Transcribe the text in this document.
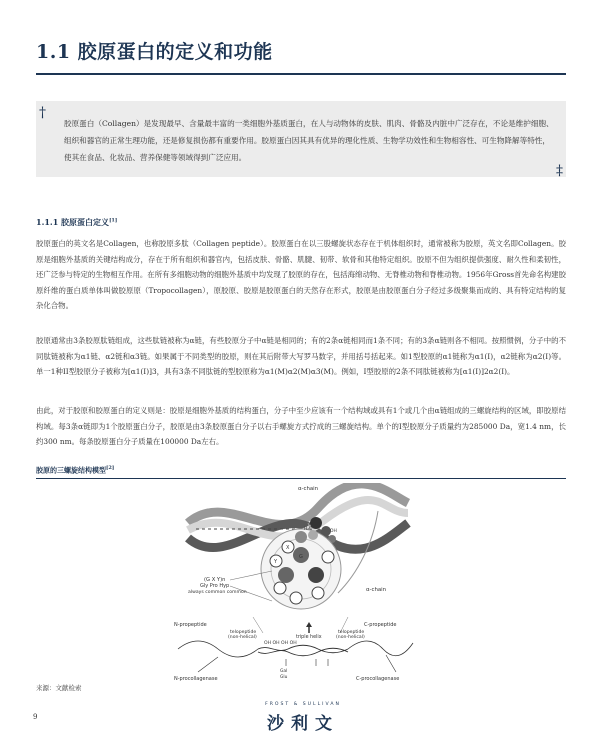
1.1 胶原蛋白的定义和功能
†

胶原蛋白（Collagen）是发现最早、含量最丰富的一类细胞外基质蛋白，在人与动物体的皮肤、肌肉、骨骼及内脏中广泛存在，不论是维护细胞、组织和器官的正常生理功能，还是修复损伤都有重要作用。胶原蛋白因其具有优异的理化性质、生物学功效性和生物相容性、可生物降解等特性，使其在食品、化妆品、营养保健等领域得到广泛应用。

‡
1.1.1 胶原蛋白定义[1]

胶原蛋白的英文名是Collagen，也称胶原多肽（Collagen peptide）。胶原蛋白在以三股螺旋状态存在于机体组织时，通常被称为胶原，英文名即Collagen。胶原是细胞外基质的关键结构成分，存在于所有组织和器官内，包括皮肤、骨骼、肌腱、韧带、软骨和其他特定组织。胶原不但为组织提供强度、耐久性和柔韧性，还广泛参与特定的生物相互作用。在所有多细胞动物的细胞外基质中均发现了胶原的存在，包括海绵动物、无脊椎动物和脊椎动物。1956年Gross首先命名构建胶原纤维的蛋白质单体叫做胶原原（Tropocollagen），原胶原、胶原是胶原蛋白的天然存在形式，胶原是由胶原蛋白分子经过多级聚集而成的、具有特定结构的复杂化合物。

胶原通常由3条胶原肽链组成，这些肽链被称为α链，有些胶原分子中α链是相同的；有的2条α链相同而1条不同；有的3条α链则各不相同。按照惯例，分子中的不同肽链被称为α1链、α2链和α3链。如果属于不同类型的胶原，则在其后附带大写罗马数字，并用括号括起来。如1型胶原的α1链称为α1(I)，α2链称为α2(I)等。单一1种II型胶原分子被称为[α1(Ⅰ)]3，具有3条不同肽链的型胶原称为α1(M)α2(M)α3(M)。例如，I型胶原的2条不同肽链被称为[α1(I)]2α2(I)。

由此，对于胶原和胶原蛋白的定义则是：胶原是细胞外基质的结构蛋白，分子中至少应该有一个结构域或具有1个或几个由α链组成的三螺旋结构的区域，即胶原结构域。每3条α链即为1个胶原蛋白分子，胶原是由3条胶原蛋白分子以右手螺旋方式拧成的三螺旋结构。单个的I型胶原分子质量约为285000 Da，宽1.4 nm，长约300 nm。每条胶原蛋白分子质量在100000 Da左右。

胶原的三螺旋结构模型[2]

α-chain
α-chain
(G X Y)n
Gly Pro Hyp
always common common
H₂O	OH
G
X
Y
N-propeptide	C-propeptide
telopeptide
(non-helical)	triple helix
telopeptide
(non-helical)
OH OH OH OH
Gal
Glu
N-procollagenase	C-procollagenase

来源：文献检索

9

FROST & SULLIVAN

沙利文
